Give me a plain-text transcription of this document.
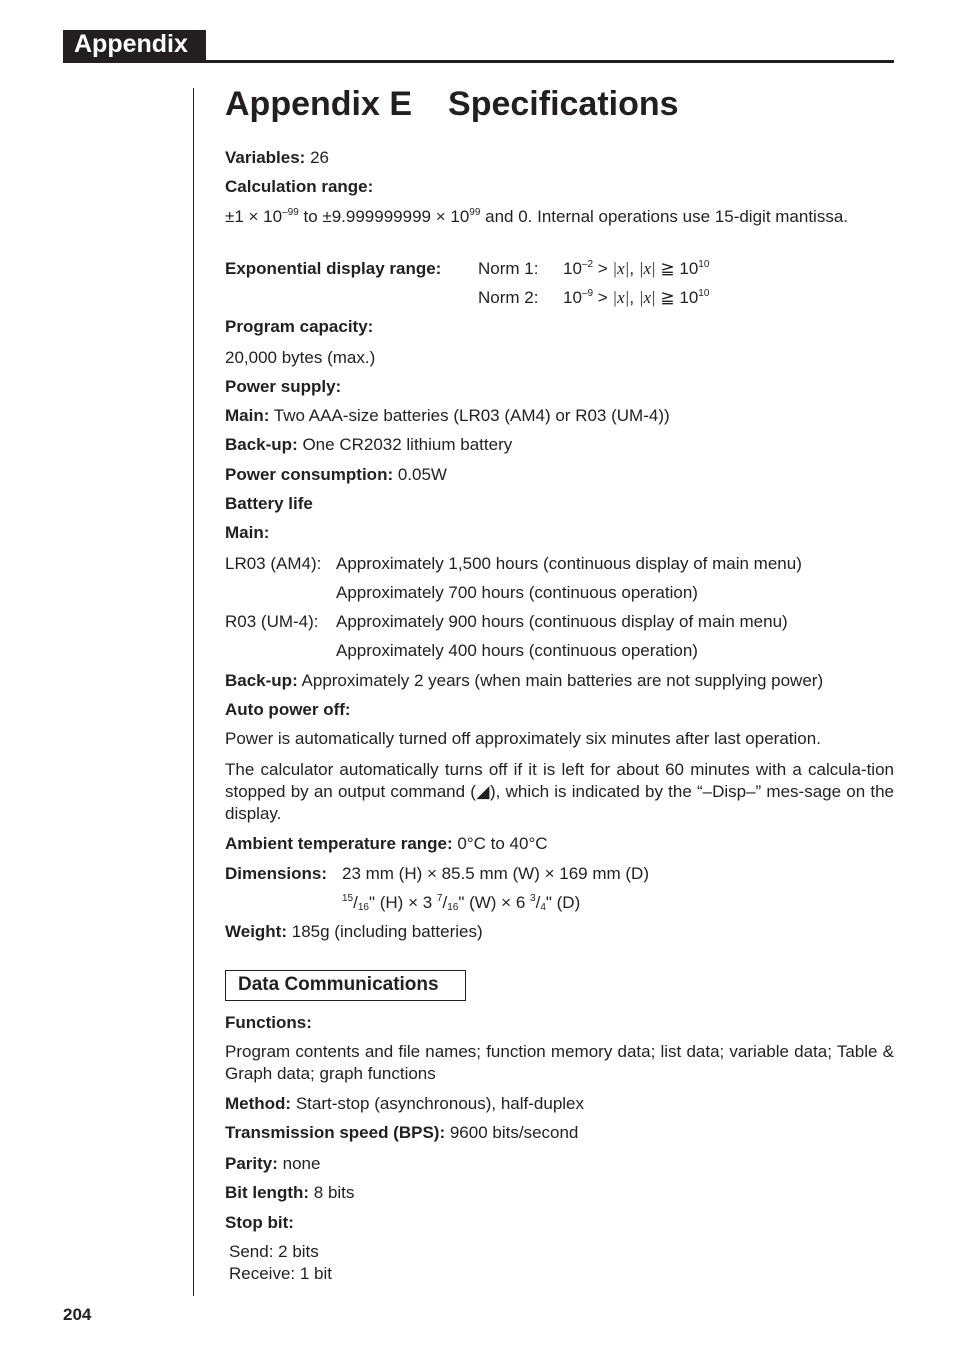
Appendix
Appendix E Specifications
Variables: 26
Calculation range:
$\pm 1 \times 10^{-99}$ to $\pm 9.999999999 \times 10^{99}$ and 0. Internal operations use 15-digit mantissa.
Exponential display range: Norm 1: $10^{-2} > |x|$, |x| ≧ $10^{10}$
Norm 2: $10^{-9} > |x|$, |x| ≧ $10^{10}$
Program capacity:
20,000 bytes (max.)
Power supply:
Main: Two AAA-size batteries (LR03 (AM4) or R03 (UM-4))
Back-up: One CR2032 lithium battery
Power consumption: 0.05W
Battery life
Main:
LR03 (AM4): Approximately 1,500 hours (continuous display of main menu)
Approximately 700 hours (continuous operation)
R03 (UM-4): Approximately 900 hours (continuous display of main menu)
Approximately 400 hours (continuous operation)
Back-up: Approximately 2 years (when main batteries are not supplying power)
Auto power off:
Power is automatically turned off approximately six minutes after last operation.
The calculator automatically turns off if it is left for about 60 minutes with a calcula-tion stopped by an output command (◢), which is indicated by the “–Disp–” mes-sage on the display.
Ambient temperature range: 0°C to 40°C
Dimensions: 23 mm (H) × 85.5 mm (W) × 169 mm (D)
$^{15}/_{16}$" (H) × 3 $^7/_{16}$" (W) × 6 $^3/_4$" (D)
Weight: 185g (including batteries)
Data Communications
Functions:
Program contents and file names; function memory data; list data; variable data; Table & Graph data; graph functions
Method: Start-stop (asynchronous), half-duplex
Transmission speed (BPS): 9600 bits/second
Parity: none
Bit length: 8 bits
Stop bit:
Send: 2 bits
Receive: 1 bit
204
